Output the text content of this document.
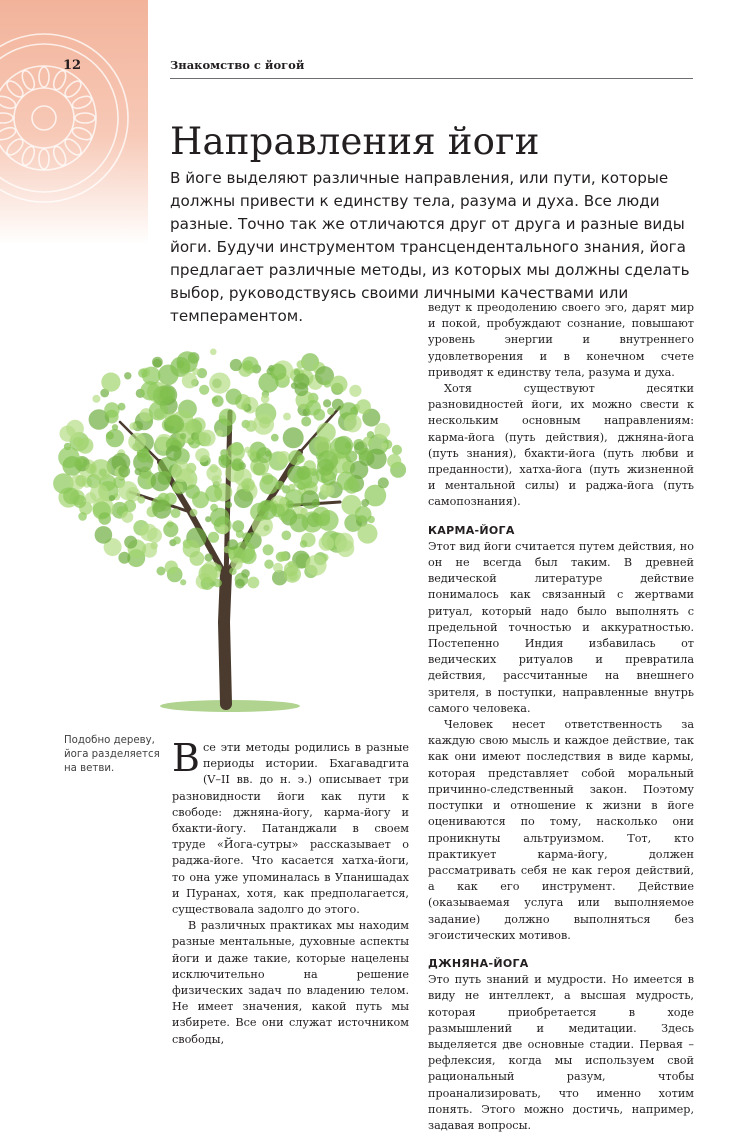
12	Знакомство с йогой
Направления йоги

В йоге выделяют различные направления, или пути, которые должны привести к единству тела, разума и духа. Все люди разные. Точно так же отличаются друг от друга и разные виды йоги. Будучи инструментом трансцендентального знания, йога предлагает различные методы, из которых мы должны сделать выбор, руководствуясь своими личными качествами или темпераментом.

Подобно дереву, йога разделяется на ветви.	Все эти методы родились в разные периоды истории. Бхагавадгита (V–II вв. до н. э.) описывает три разновидности йоги как пути к свободе: джняна-йогу, карма-йогу и бхакти-йогу. Патанджали в своем труде «Йога-сутры» рассказывает о раджа-йоге. Что касается хатха-йоги, то она уже упоминалась в Упанишадах и Пуранах, хотя, как предполагается, существовала задолго до этого.

В различных практиках мы находим разные ментальные, духовные аспекты йоги и даже такие, которые нацелены исключительно на решение физических задач по владению телом. Не имеет значения, какой путь мы избирете. Все они служат источником свободы,

ведут к преодолению своего эго, дарят мир и покой, пробуждают сознание, повышают уровень энергии и внутреннего удовлетворения и в конечном счете приводят к единству тела, разума и духа.

Хотя существуют десятки разновидностей йоги, их можно свести к нескольким основным направлениям: карма-йога (путь действия), джняна-йога (путь знания), бхакти-йога (путь любви и преданности), хатха-йога (путь жизненной и ментальной силы) и раджа-йога (путь самопознания).

КАРМА-ЙОГА

Этот вид йоги считается путем действия, но он не всегда был таким. В древней ведической литературе действие понималось как связанный с жертвами ритуал, который надо было выполнять с предельной точностью и аккуратностью. Постепенно Индия избавилась от ведических ритуалов и превратила действия, рассчитанные на внешнего зрителя, в поступки, направленные внутрь самого человека.

Человек несет ответственность за каждую свою мысль и каждое действие, так как они имеют последствия в виде кармы, которая представляет собой моральный причинно-следственный закон. Поэтому поступки и отношение к жизни в йоге оцениваются по тому, насколько они проникнуты альтруизмом. Тот, кто практикует карма-йогу, должен рассматривать себя не как героя действий, а как его инструмент. Действие (оказываемая услуга или выполняемое задание) должно выполняться без эгоистических мотивов.

ДЖНЯНА-ЙОГА

Это путь знаний и мудрости. Но имеется в виду не интеллект, а высшая мудрость, которая приобретается в ходе размышлений и медитации. Здесь выделяется две основные стадии. Первая – рефлексия, когда мы используем свой рациональный разум, чтобы проанализировать, что именно хотим понять. Этого можно достичь, например, задавая вопросы.
